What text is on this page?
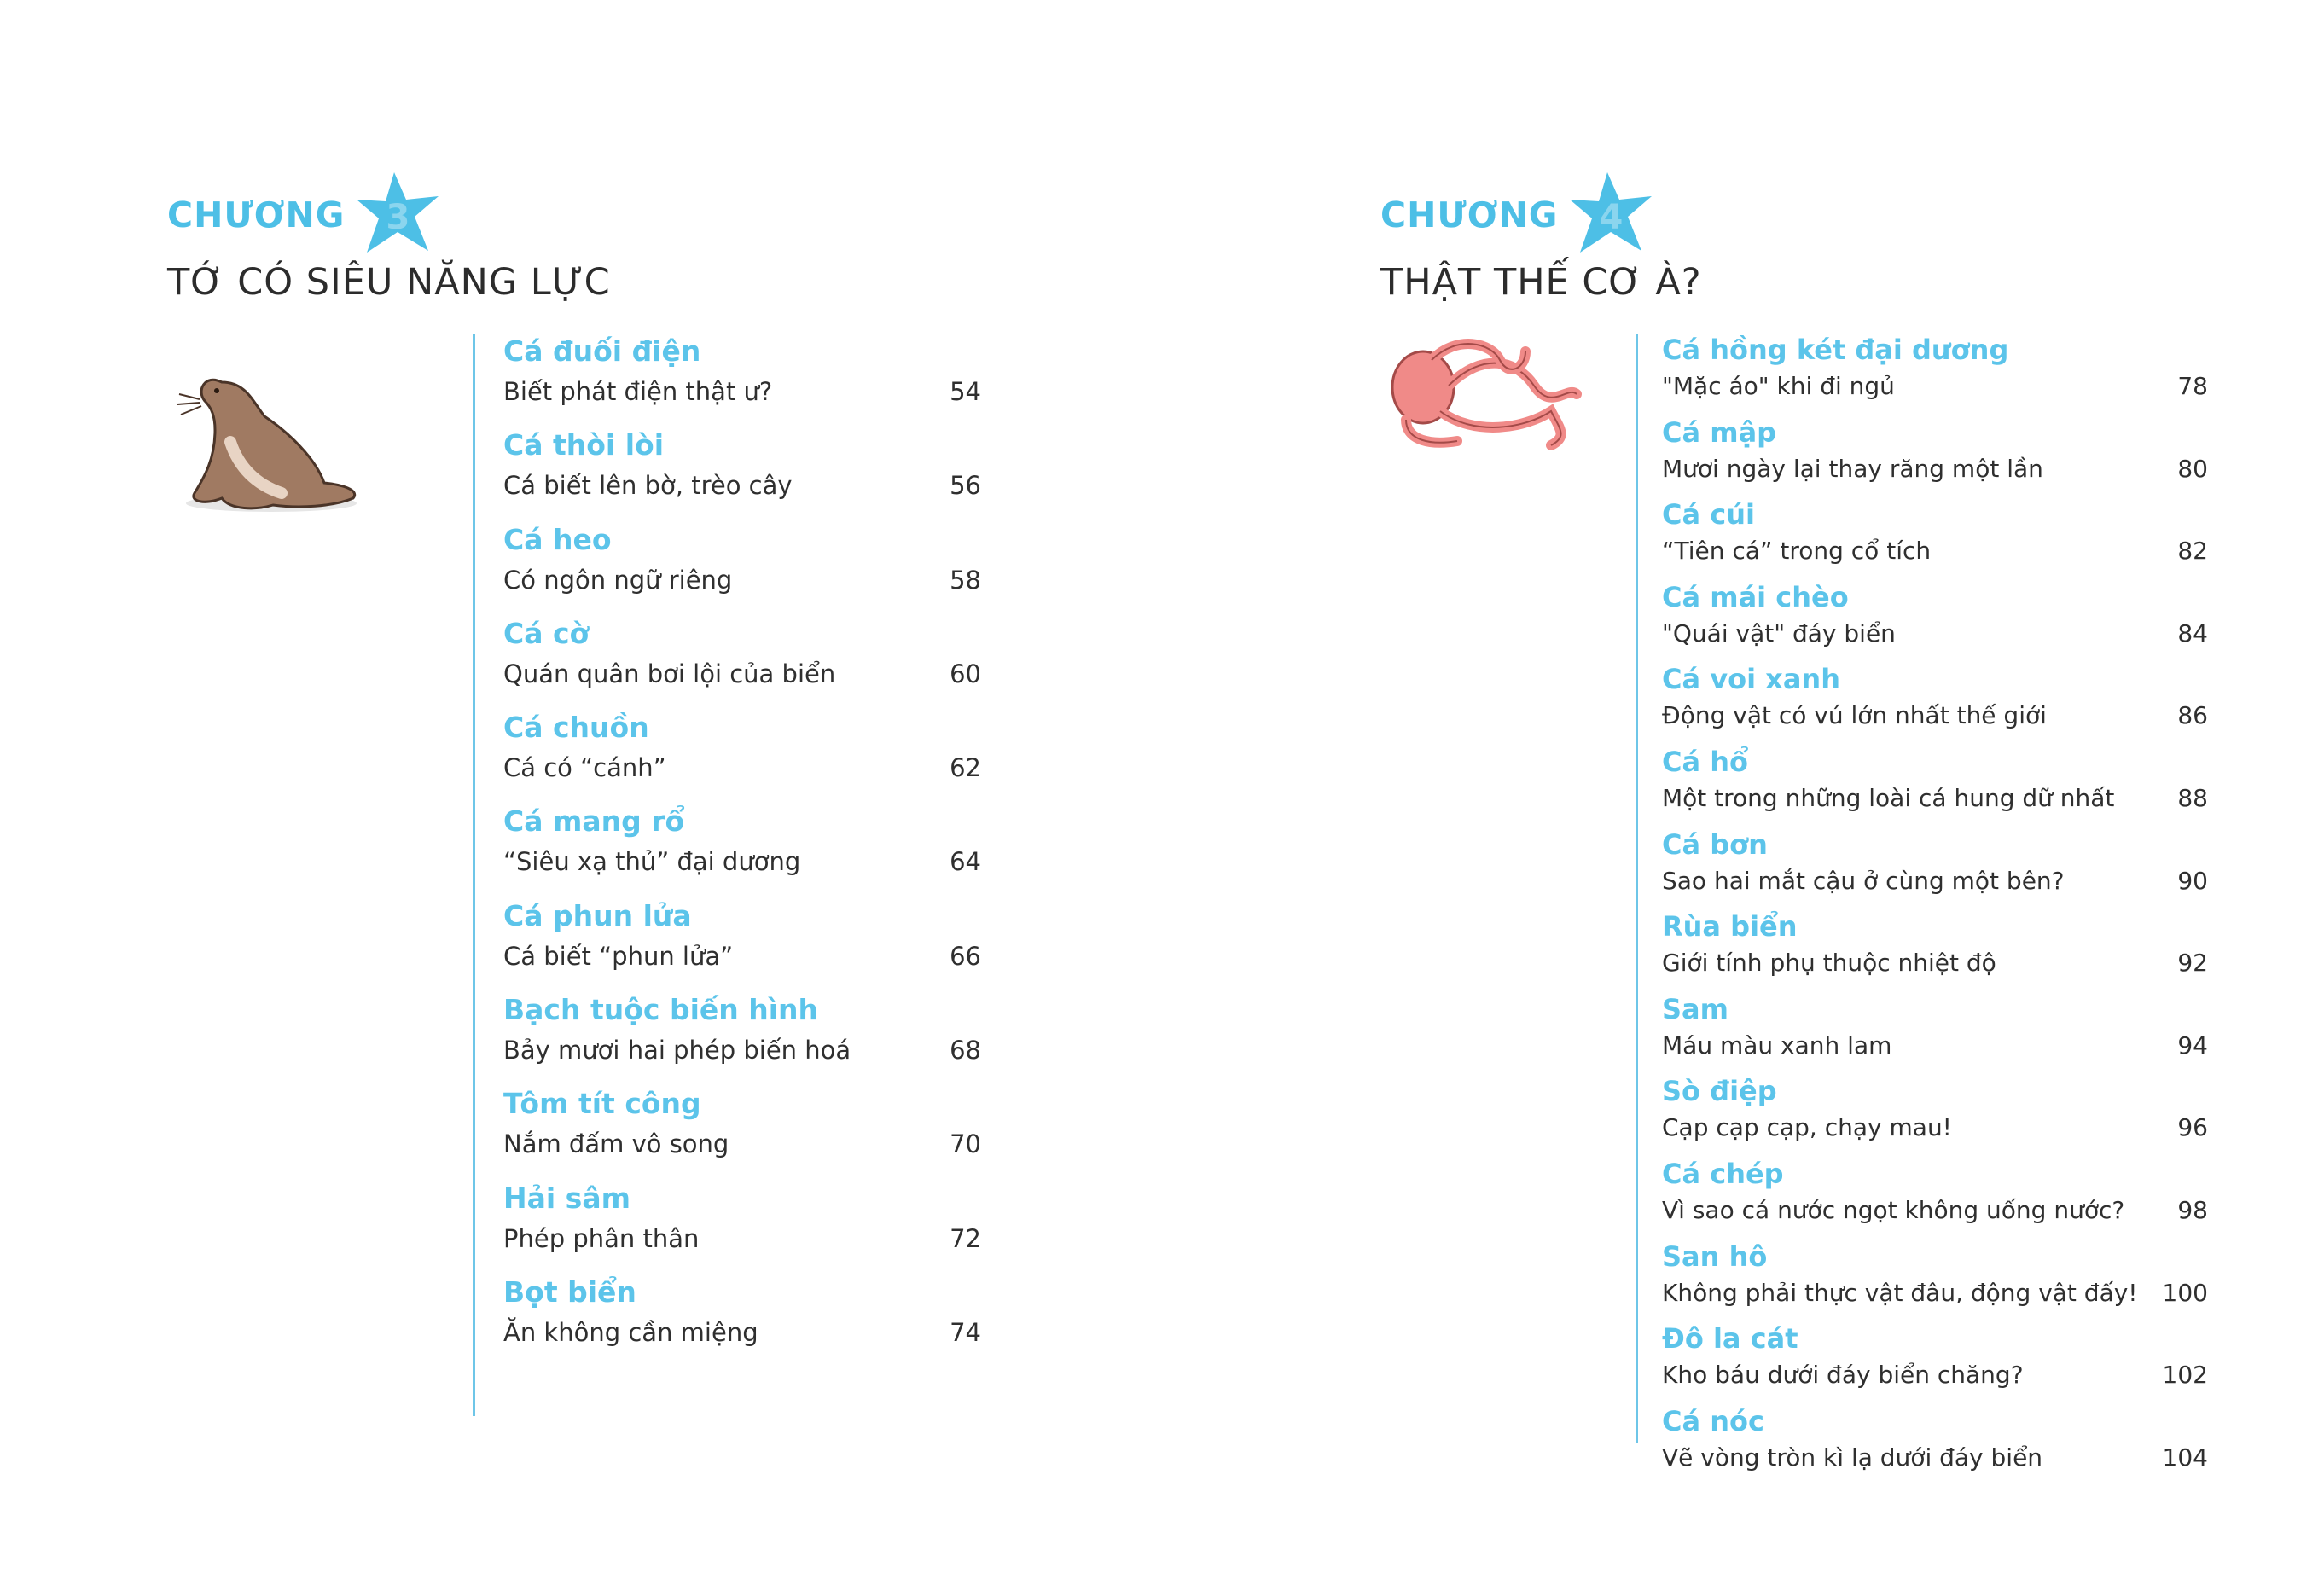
CHƯƠNG	3
TỚ CÓ SIÊU NĂNG LỰC
Cá đuối điện
Biết phát điện thật ư?	54
Cá thòi lòi
Cá biết lên bờ, trèo cây	56
Cá heo
Có ngôn ngữ riêng	58
Cá cờ
Quán quân bơi lội của biển	60
Cá chuồn
Cá có “cánh”	62
Cá mang rổ
“Siêu xạ thủ” đại dương	64
Cá phun lửa
Cá biết “phun lửa”	66
Bạch tuộc biến hình
Bảy mươi hai phép biến hoá	68
Tôm tít công
Nắm đấm vô song	70
Hải sâm
Phép phân thân	72
Bọt biển
Ăn không cần miệng	74
CHƯƠNG	4
THẬT THẾ CƠ À?
Cá hồng két đại dương
"Mặc áo" khi đi ngủ	78
Cá mập
Mươi ngày lại thay răng một lần	80
Cá cúi
“Tiên cá” trong cổ tích	82
Cá mái chèo
"Quái vật" đáy biển	84
Cá voi xanh
Động vật có vú lớn nhất thế giới	86
Cá hổ
Một trong những loài cá hung dữ nhất	88
Cá bơn
Sao hai mắt cậu ở cùng một bên?	90
Rùa biển
Giới tính phụ thuộc nhiệt độ	92
Sam
Máu màu xanh lam	94
Sò điệp
Cạp cạp cạp, chạy mau!	96
Cá chép
Vì sao cá nước ngọt không uống nước? 98
San hô
Không phải thực vật đâu, động vật đấy! 100
Đô la cát
Kho báu dưới đáy biển chăng?	102
Cá nóc
Vẽ vòng tròn kì lạ dưới đáy biển	104
